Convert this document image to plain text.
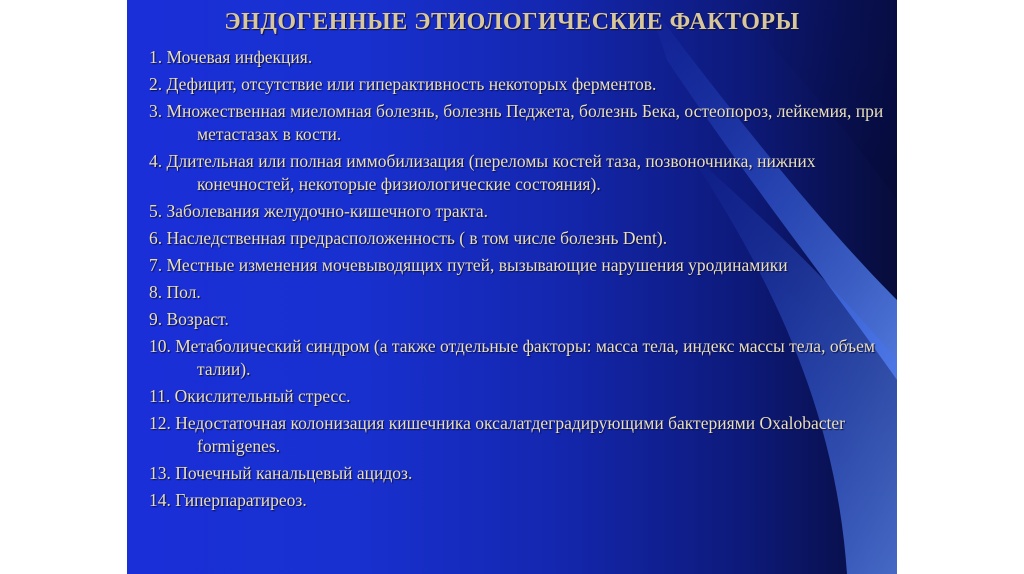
ЭНДОГЕННЫЕ ЭТИОЛОГИЧЕСКИЕ ФАКТОРЫ
1. Мочевая инфекция.
2. Дефицит, отсутствие или гиперактивность некоторых ферментов.
3. Множественная миеломная болезнь, болезнь Педжета, болезнь Бека, остеопороз, лейкемия, при метастазах в кости.
4. Длительная или полная иммобилизация (переломы костей таза, позвоночника, нижних конечностей, некоторые физиологические состояния).
5. Заболевания желудочно-кишечного тракта.
6. Наследственная предрасположенность ( в том числе болезнь Dent).
7. Местные изменения мочевыводящих путей, вызывающие нарушения уродинамики
8. Пол.
9. Возраст.
10. Метаболический синдром (а также отдельные факторы: масса тела, индекс массы тела, объем талии).
11. Окислительный стресс.
12. Недостаточная колонизация кишечника оксалатдеградирующими бактериями Oxalobacter formigenes.
13. Почечный канальцевый ацидоз.
14. Гиперпаратиреоз.
